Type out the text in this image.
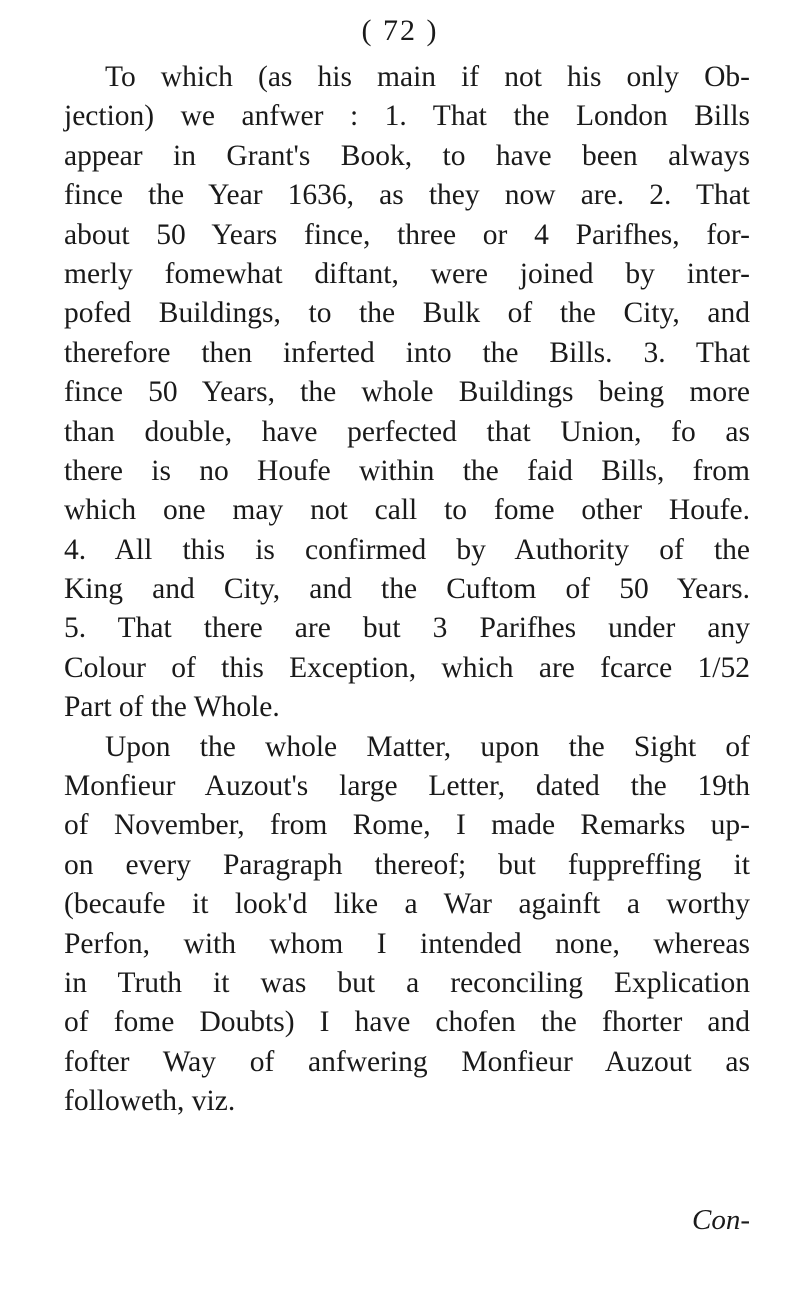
( 72 )
To which (as his main if not his only Ob-
jection) we anfwer : 1. That the London Bills
appear in Grant's Book, to have been always
fince the Year 1636, as they now are. 2. That
about 50 Years fince, three or 4 Parifhes, for-
merly fomewhat diftant, were joined by inter-
pofed Buildings, to the Bulk of the City, and
therefore then inferted into the Bills. 3. That
fince 50 Years, the whole Buildings being more
than double, have perfected that Union, fo as
there is no Houfe within the faid Bills, from
which one may not call to fome other Houfe.
4. All this is confirmed by Authority of the
King and City, and the Cuftom of 50 Years.
5. That there are but 3 Parifhes under any
Colour of this Exception, which are fcarce 1/52
Part of the Whole.
Upon the whole Matter, upon the Sight of
Monfieur Auzout's large Letter, dated the 19th
of November, from Rome, I made Remarks up-
on every Paragraph thereof; but fuppreffing it
(becaufe it look'd like a War againft a worthy
Perfon, with whom I intended none, whereas
in Truth it was but a reconciling Explication
of fome Doubts) I have chofen the fhorter and
fofter Way of anfwering Monfieur Auzout as
followeth, viz.
Con-
